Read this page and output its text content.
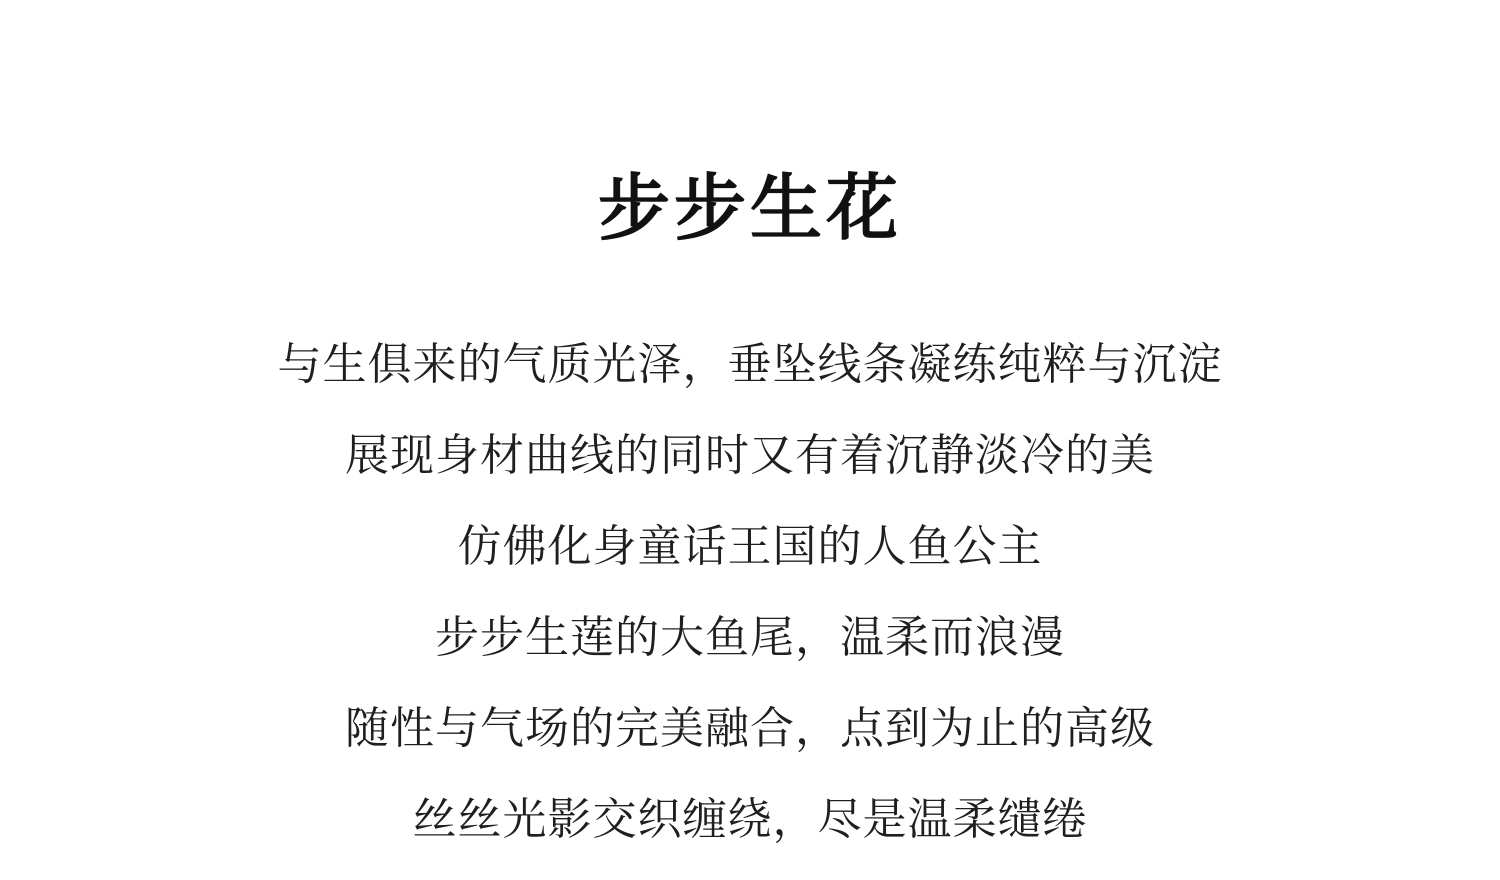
步步生花
与生俱来的气质光泽，垂坠线条凝练纯粹与沉淀
展现身材曲线的同时又有着沉静淡冷的美
仿佛化身童话王国的人鱼公主
步步生莲的大鱼尾，温柔而浪漫
随性与气场的完美融合，点到为止的高级
丝丝光影交织缠绕，尽是温柔缱绻
